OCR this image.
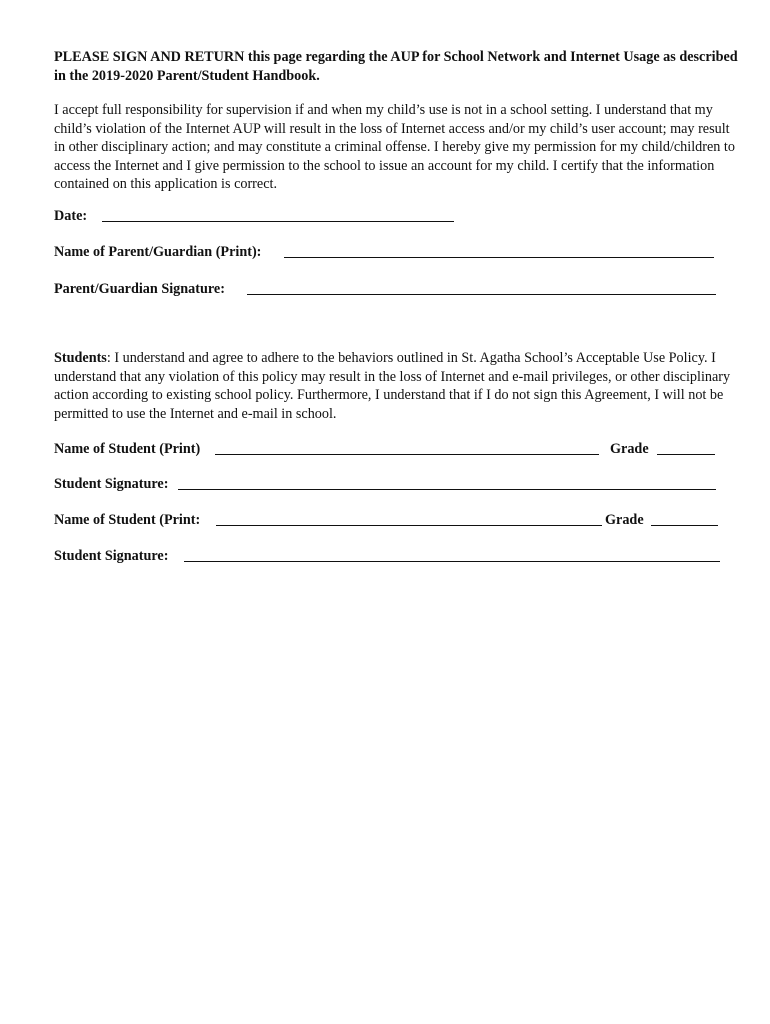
PLEASE SIGN AND RETURN this page regarding the AUP for School Network and Internet Usage as described in the 2019-2020 Parent/Student Handbook.
I accept full responsibility for supervision if and when my child’s use is not in a school setting. I understand that my child’s violation of the Internet AUP will result in the loss of Internet access and/or my child’s user account; may result in other disciplinary action; and may constitute a criminal offense. I hereby give my permission for my child/children to access the Internet and I give permission to the school to issue an account for my child. I certify that the information contained on this application is correct.
Date:
Name of Parent/Guardian (Print):
Parent/Guardian Signature:
Students: I understand and agree to adhere to the behaviors outlined in St. Agatha School’s Acceptable Use Policy. I understand that any violation of this policy may result in the loss of Internet and e-mail privileges, or other disciplinary action according to existing school policy. Furthermore, I understand that if I do not sign this Agreement, I will not be permitted to use the Internet and e-mail in school.
Name of Student (Print)	Grade
Student Signature:
Name of Student (Print:	Grade
Student Signature:
